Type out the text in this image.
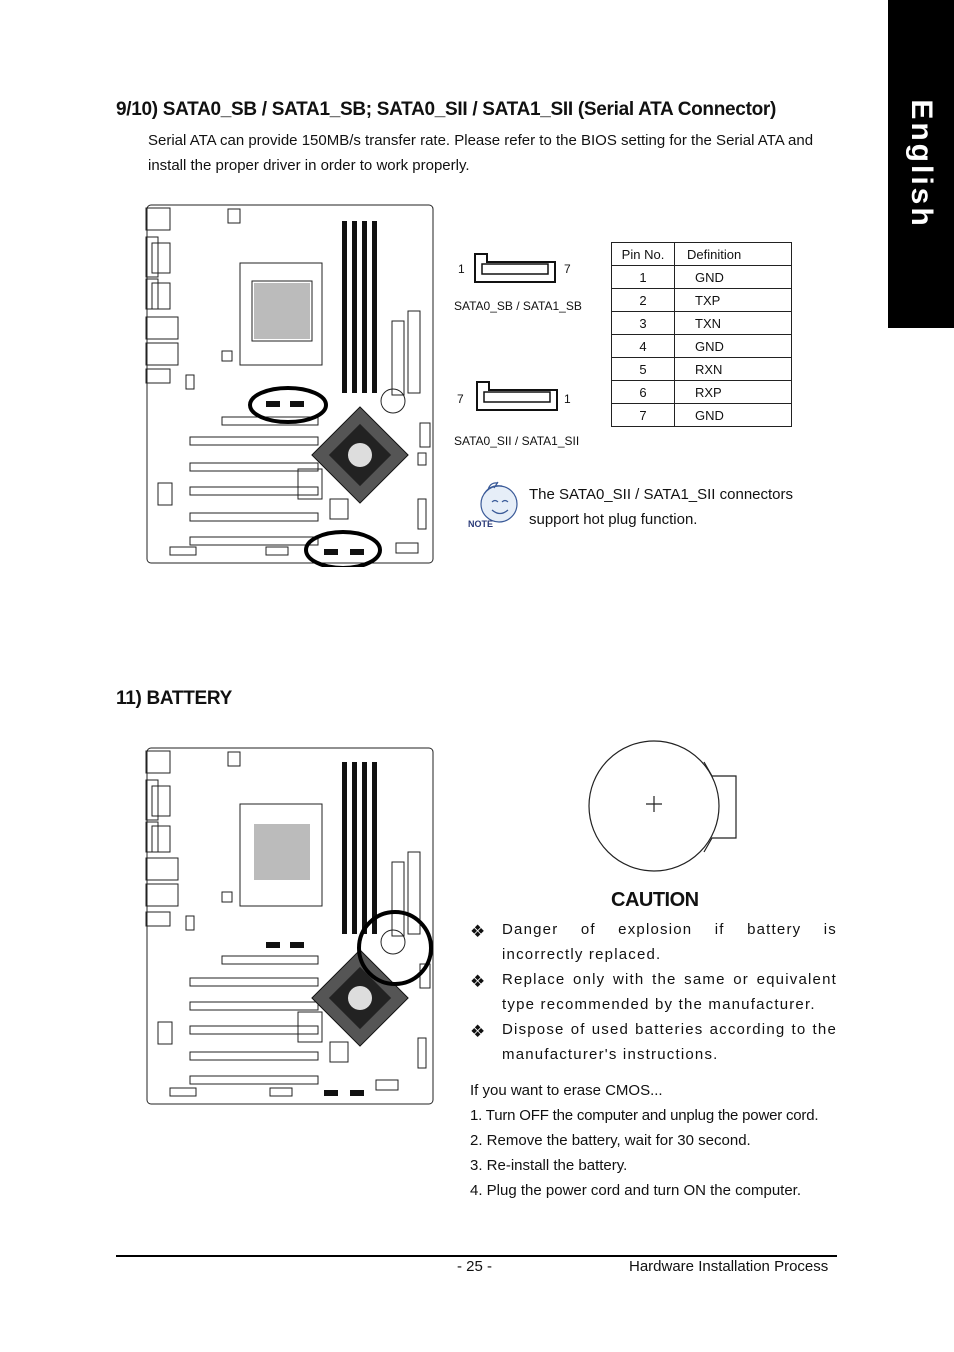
English
9/10) SATA0_SB / SATA1_SB; SATA0_SII / SATA1_SII (Serial ATA Connector)
Serial ATA can provide 150MB/s transfer rate. Please refer to the BIOS setting for the Serial ATA and install the proper driver in order to work properly.
1	7
SATA0_SB / SATA1_SB
7	1
SATA0_SII / SATA1_SII
Pin No.	Definition
1	GND
2	TXP
3	TXN
4	GND
5	RXN
6	RXP
7	GND
NOTE
The SATA0_SII / SATA1_SII connectors support hot plug function.
11) BATTERY
CAUTION
❖ Danger of explosion if battery is incorrectly replaced.
❖ Replace only with the same or equivalent type recommended by the manufacturer.
❖ Dispose of used batteries according to the manufacturer's instructions.
If you want to erase CMOS...
1. Turn OFF the computer and unplug the power cord.
2. Remove the battery, wait for 30 second.
3. Re-install the battery.
4. Plug the power cord and turn ON the computer.
- 25 -	Hardware Installation Process
